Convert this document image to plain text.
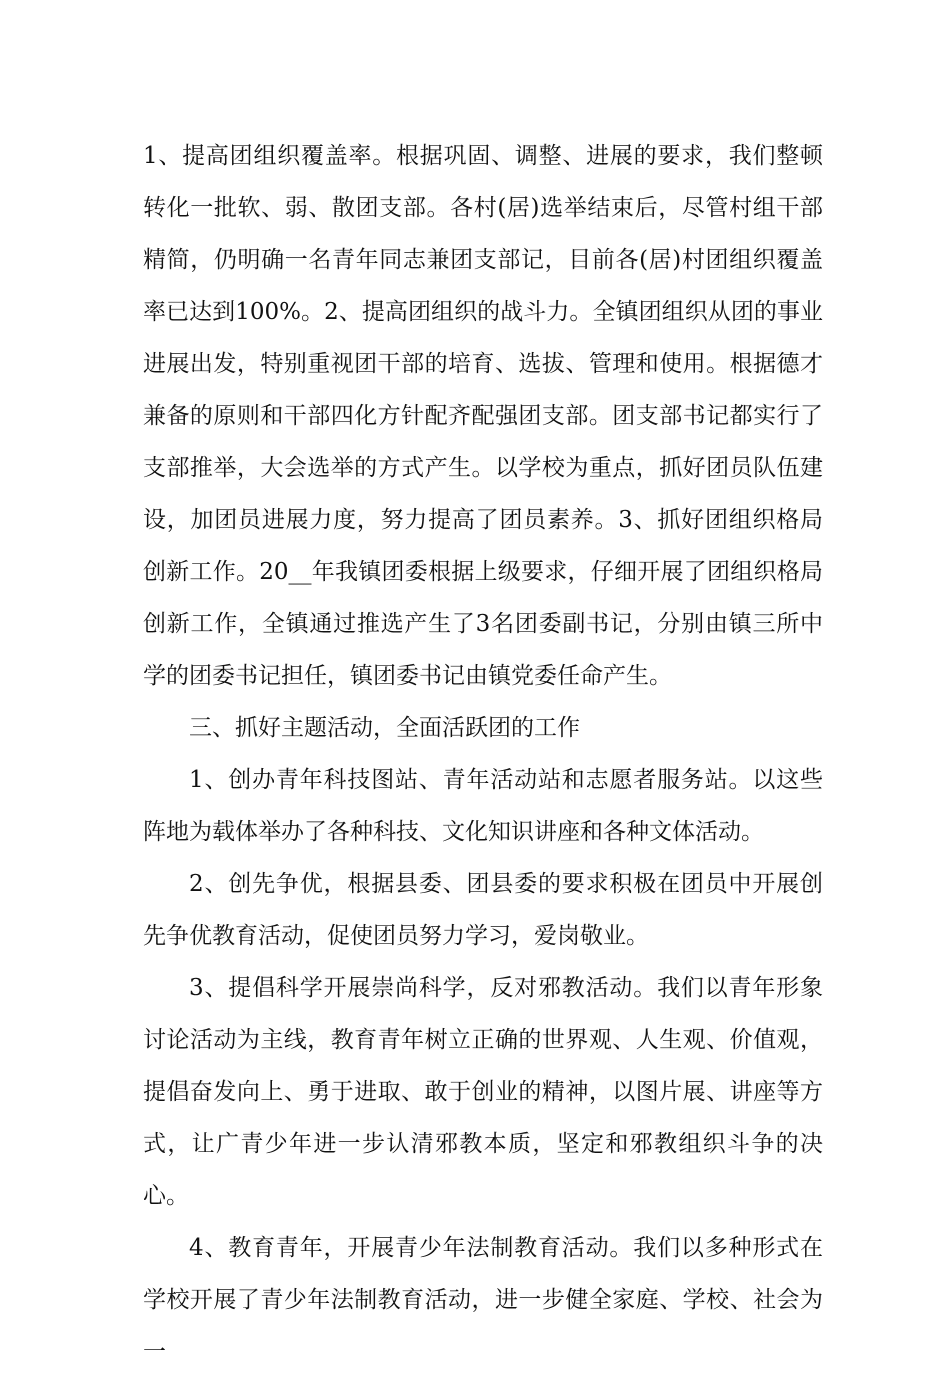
1、提高团组织覆盖率。根据巩固、调整、进展的要求，我们整顿转化一批软、弱、散团支部。各村(居)选举结束后，尽管村组干部精简，仍明确一名青年同志兼团支部记，目前各(居)村团组织覆盖率已达到100%。2、提高团组织的战斗力。全镇团组织从团的事业进展出发，特别重视团干部的培育、选拔、管理和使用。根据德才兼备的原则和干部四化方针配齐配强团支部。团支部书记都实行了支部推举，大会选举的方式产生。以学校为重点，抓好团员队伍建设，加团员进展力度，努力提高了团员素养。3、抓好团组织格局创新工作。20__年我镇团委根据上级要求，仔细开展了团组织格局创新工作，全镇通过推选产生了3名团委副书记，分别由镇三所中学的团委书记担任，镇团委书记由镇党委任命产生。

三、抓好主题活动，全面活跃团的工作

1、创办青年科技图站、青年活动站和志愿者服务站。以这些阵地为载体举办了各种科技、文化知识讲座和各种文体活动。

2、创先争优，根据县委、团县委的要求积极在团员中开展创先争优教育活动，促使团员努力学习，爱岗敬业。

3、提倡科学开展崇尚科学，反对邪教活动。我们以青年形象讨论活动为主线，教育青年树立正确的世界观、人生观、价值观，提倡奋发向上、勇于进取、敢于创业的精神，以图片展、讲座等方式，让广青少年进一步认清邪教本质，坚定和邪教组织斗争的决心。

4、教育青年，开展青少年法制教育活动。我们以多种形式在学校开展了青少年法制教育活动，进一步健全家庭、学校、社会为一
